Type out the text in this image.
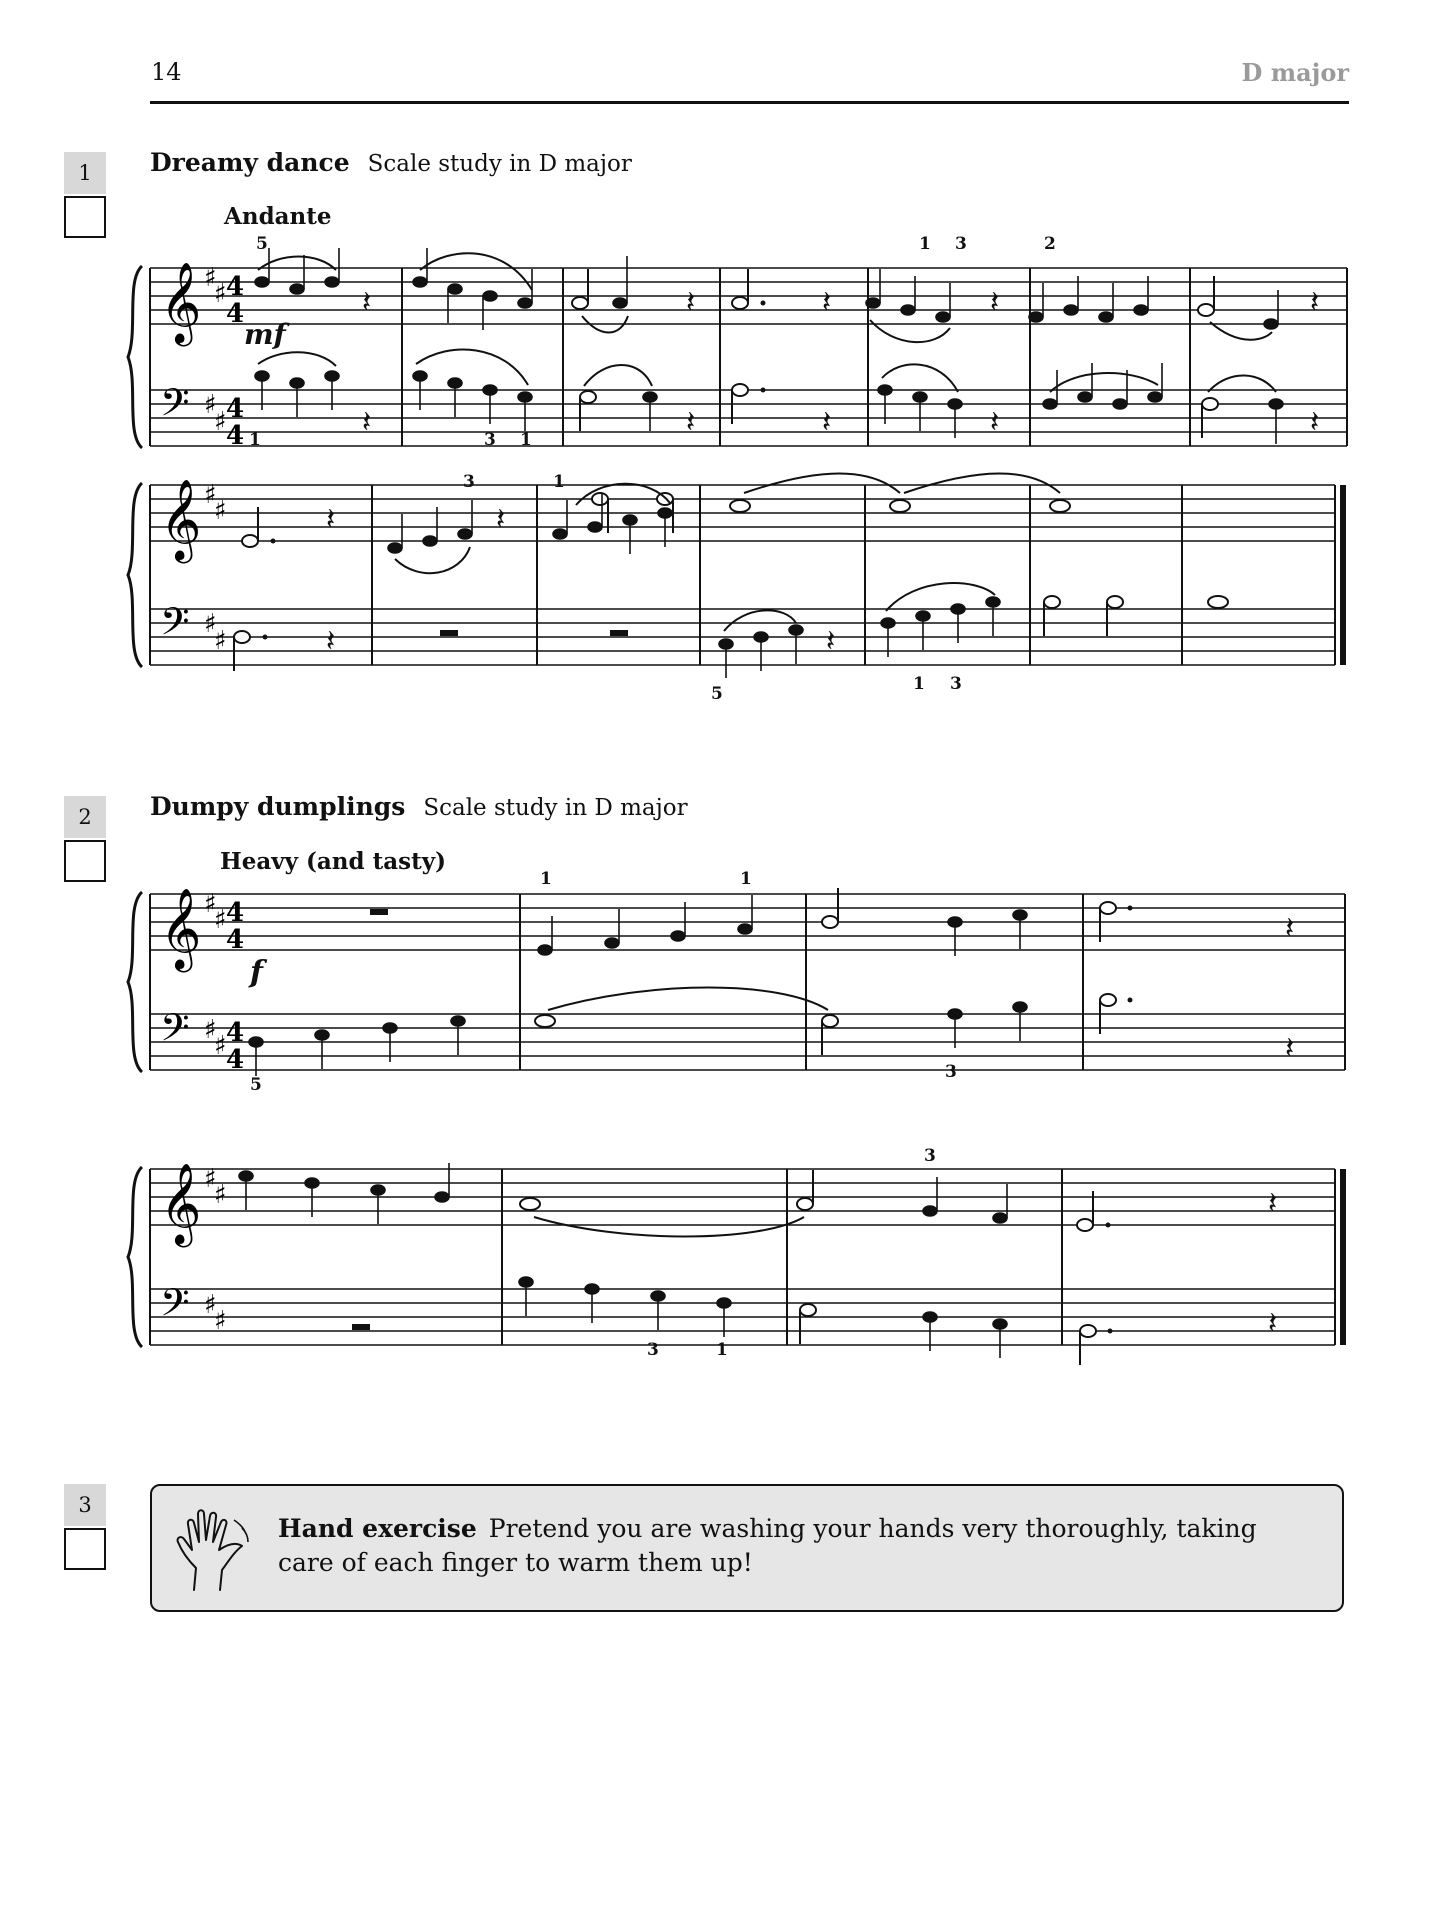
14	D major
1	Dreamy dance Scale study in D major
Andante
𝄞
𝄢
♯
♯
♯
♯
4
4
4
4
𝄽	𝄽	𝄽	𝄽	𝄽
𝄽	𝄽	𝄽	𝄽	𝄽
mf
5	1 3	2
1	3 1
𝄞
𝄢
♯
♯
♯
♯
𝄽	𝄽
𝄽
𝄽
3	1
5	1 3
2	Dumpy dumplings Scale study in D major
Heavy (and tasty)
𝄞
𝄢
♯
♯
♯
♯
4
4
4
4
𝄽
𝄽
f
1	1
5
3
𝄞
𝄢
♯
♯
♯
♯
𝄽
𝄽
3
3	1
3
Hand exercise Pretend you are washing your hands very thoroughly, taking care of each finger to warm them up!
